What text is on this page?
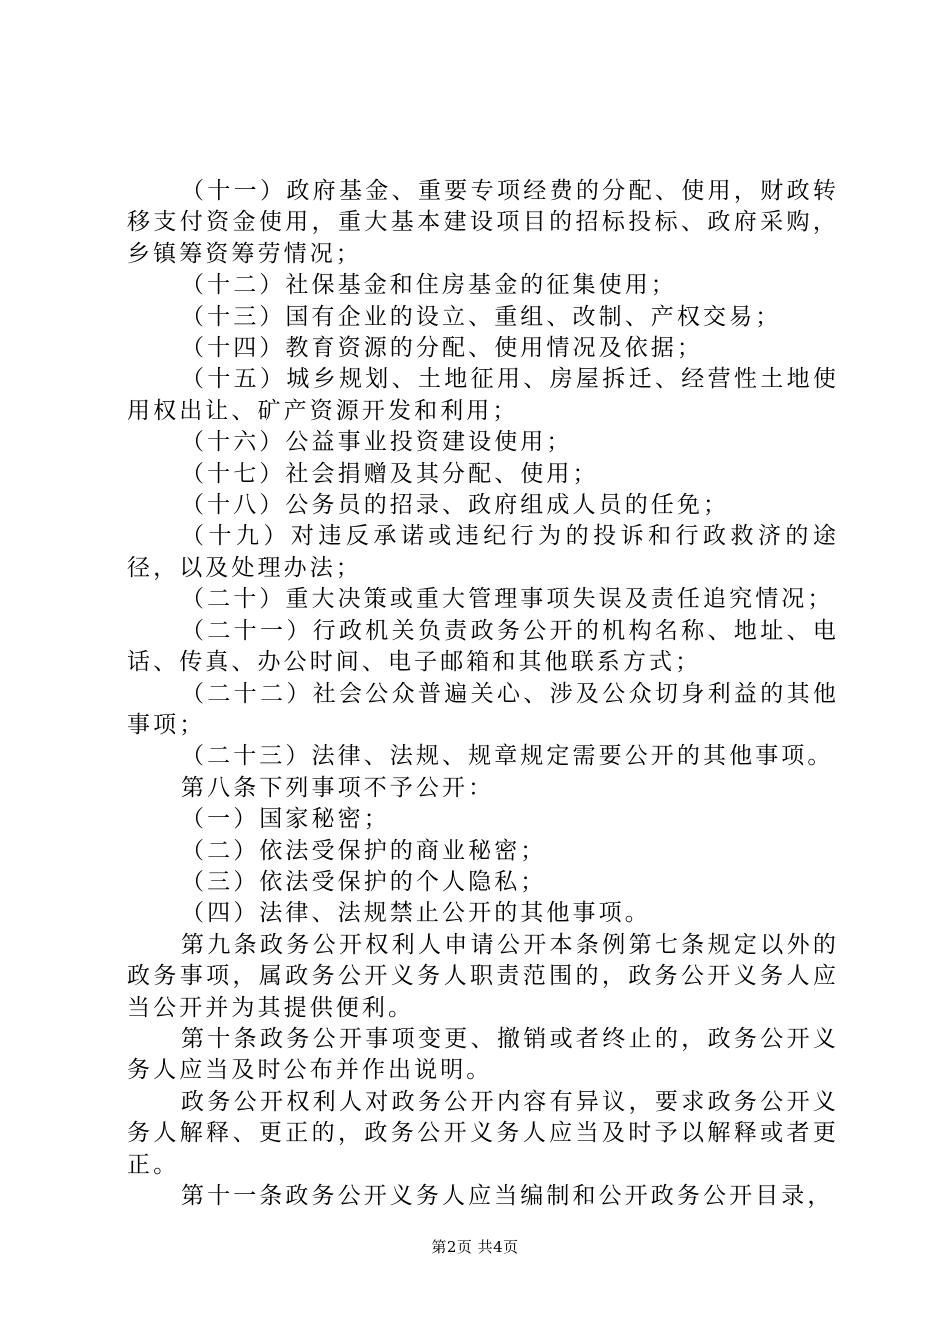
（十一）政府基金、重要专项经费的分配、使用，财政转移支付资金使用，重大基本建设项目的招标投标、政府采购，乡镇筹资筹劳情况；

（十二）社保基金和住房基金的征集使用；

（十三）国有企业的设立、重组、改制、产权交易；

（十四）教育资源的分配、使用情况及依据；

（十五）城乡规划、土地征用、房屋拆迁、经营性土地使用权出让、矿产资源开发和利用；

（十六）公益事业投资建设使用；

（十七）社会捐赠及其分配、使用；

（十八）公务员的招录、政府组成人员的任免；

（十九）对违反承诺或违纪行为的投诉和行政救济的途径，以及处理办法；

（二十）重大决策或重大管理事项失误及责任追究情况；

（二十一）行政机关负责政务公开的机构名称、地址、电话、传真、办公时间、电子邮箱和其他联系方式；

（二十二）社会公众普遍关心、涉及公众切身利益的其他事项；

（二十三）法律、法规、规章规定需要公开的其他事项。

第八条下列事项不予公开：

（一）国家秘密；

（二）依法受保护的商业秘密；

（三）依法受保护的个人隐私；

（四）法律、法规禁止公开的其他事项。

第九条政务公开权利人申请公开本条例第七条规定以外的政务事项，属政务公开义务人职责范围的，政务公开义务人应当公开并为其提供便利。

第十条政务公开事项变更、撤销或者终止的，政务公开义务人应当及时公布并作出说明。

政务公开权利人对政务公开内容有异议，要求政务公开义务人解释、更正的，政务公开义务人应当及时予以解释或者更正。

第十一条政务公开义务人应当编制和公开政务公开目录，

第2页 共4页
